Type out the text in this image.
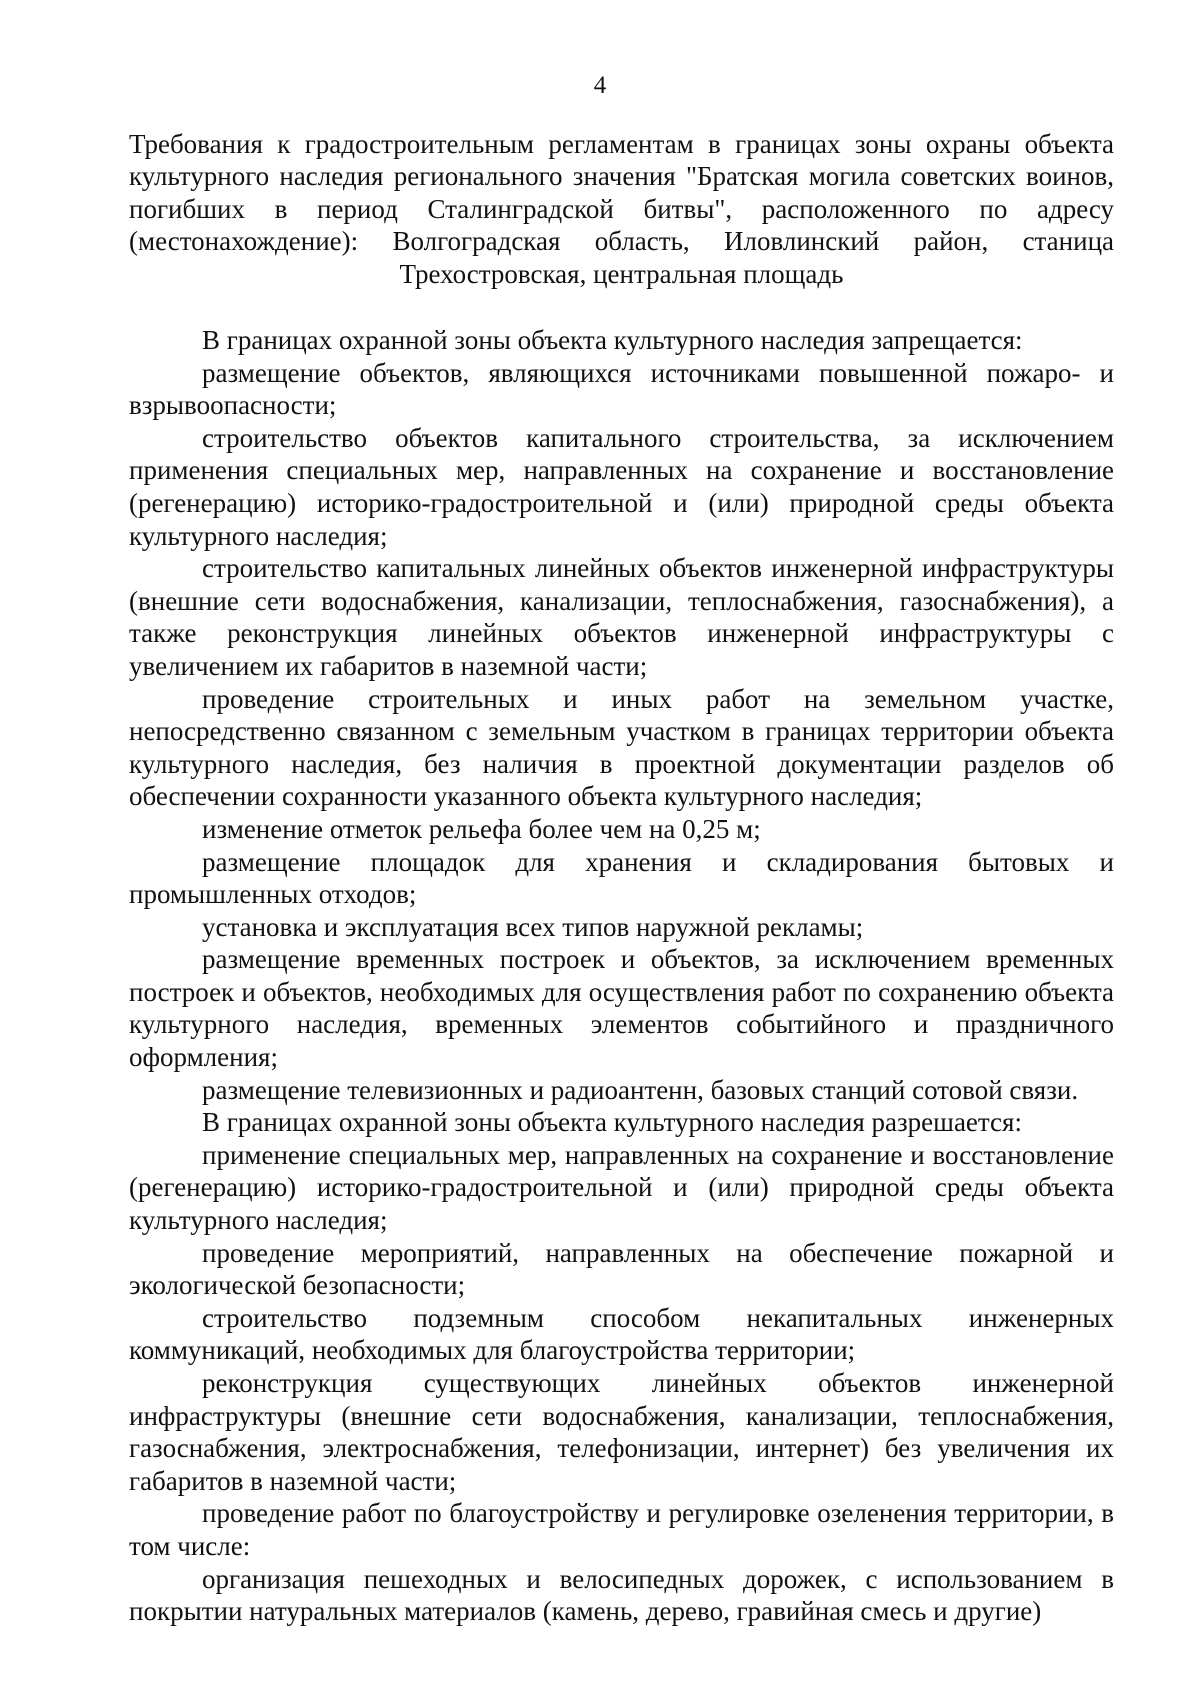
4
Требования к градостроительным регламентам в границах зоны охраны объекта культурного наследия регионального значения "Братская могила советских воинов, погибших в период Сталинградской битвы", расположенного по адресу (местонахождение): Волгоградская область, Иловлинский район, станица Трехостровская, центральная площадь

В границах охранной зоны объекта культурного наследия запрещается:

размещение объектов, являющихся источниками повышенной пожаро- и взрывоопасности;

строительство объектов капитального строительства, за исключением применения специальных мер, направленных на сохранение и восстановление (регенерацию) историко-градостроительной и (или) природной среды объекта культурного наследия;

строительство капитальных линейных объектов инженерной инфраструктуры (внешние сети водоснабжения, канализации, теплоснабжения, газоснабжения), а также реконструкция линейных объектов инженерной инфраструктуры с увеличением их габаритов в наземной части;

проведение строительных и иных работ на земельном участке, непосредственно связанном с земельным участком в границах территории объекта культурного наследия, без наличия в проектной документации разделов об обеспечении сохранности указанного объекта культурного наследия;

изменение отметок рельефа более чем на 0,25 м;

размещение площадок для хранения и складирования бытовых и промышленных отходов;

установка и эксплуатация всех типов наружной рекламы;

размещение временных построек и объектов, за исключением временных построек и объектов, необходимых для осуществления работ по сохранению объекта культурного наследия, временных элементов событийного и праздничного оформления;

размещение телевизионных и радиоантенн, базовых станций сотовой связи.

В границах охранной зоны объекта культурного наследия разрешается:

применение специальных мер, направленных на сохранение и восстановление (регенерацию) историко-градостроительной и (или) природной среды объекта культурного наследия;

проведение мероприятий, направленных на обеспечение пожарной и экологической безопасности;

строительство подземным способом некапитальных инженерных коммуникаций, необходимых для благоустройства территории;

реконструкция существующих линейных объектов инженерной инфраструктуры (внешние сети водоснабжения, канализации, теплоснабжения, газоснабжения, электроснабжения, телефонизации, интернет) без увеличения их габаритов в наземной части;

проведение работ по благоустройству и регулировке озеленения территории, в том числе:

организация пешеходных и велосипедных дорожек, с использованием в покрытии натуральных материалов (камень, дерево, гравийная смесь и другие)
